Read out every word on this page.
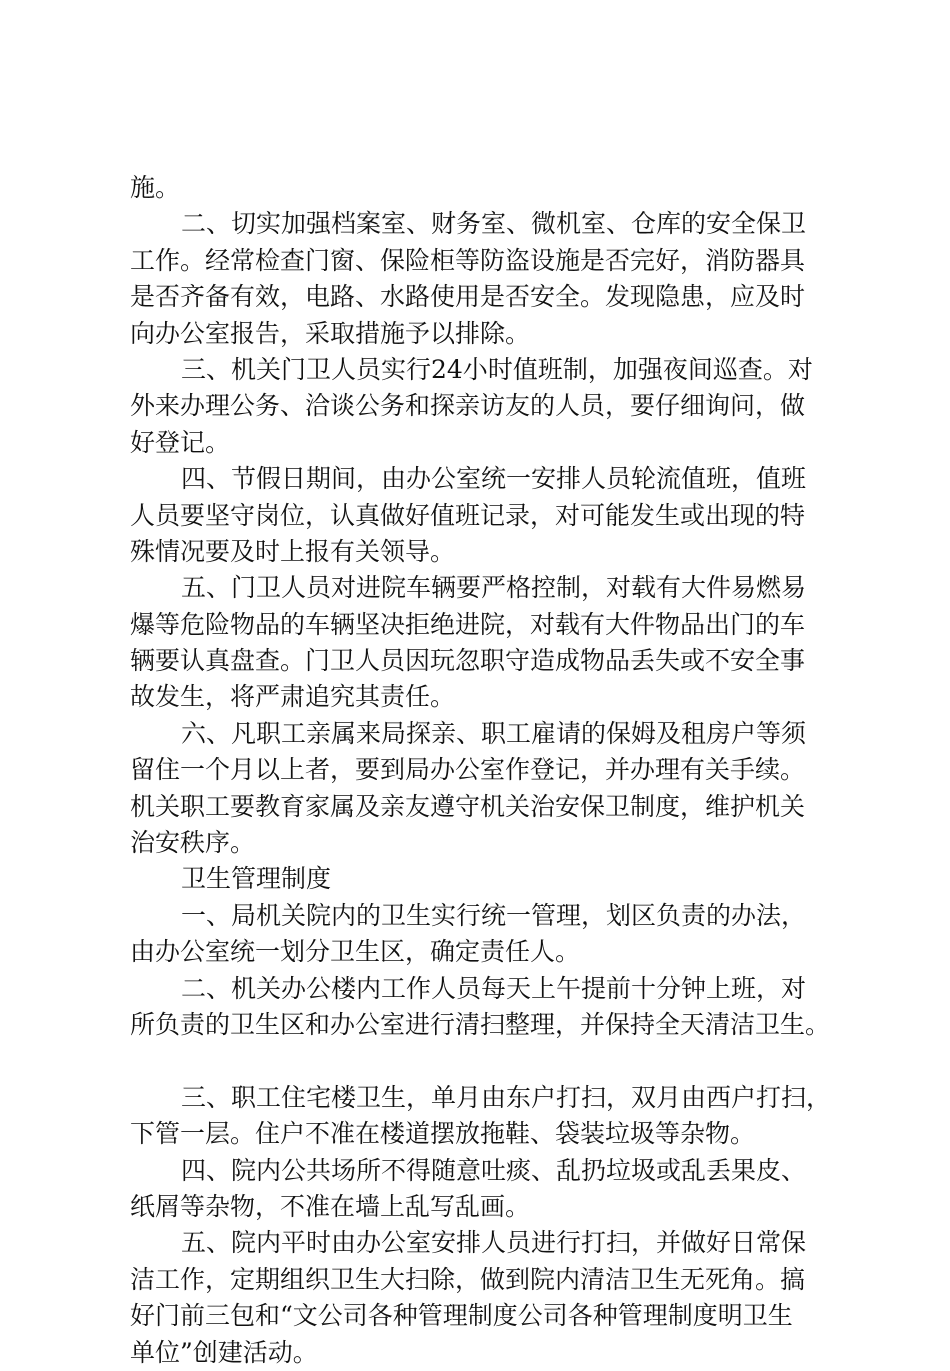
施。
二、切实加强档案室、财务室、微机室、仓库的安全保卫
工作。经常检查门窗、保险柜等防盗设施是否完好，消防器具
是否齐备有效，电路、水路使用是否安全。发现隐患，应及时
向办公室报告，采取措施予以排除。
三、机关门卫人员实行24小时值班制，加强夜间巡查。对
外来办理公务、洽谈公务和探亲访友的人员，要仔细询问，做
好登记。
四、节假日期间，由办公室统一安排人员轮流值班，值班
人员要坚守岗位，认真做好值班记录，对可能发生或出现的特
殊情况要及时上报有关领导。
五、门卫人员对进院车辆要严格控制，对载有大件易燃易
爆等危险物品的车辆坚决拒绝进院，对载有大件物品出门的车
辆要认真盘查。门卫人员因玩忽职守造成物品丢失或不安全事
故发生，将严肃追究其责任。
六、凡职工亲属来局探亲、职工雇请的保姆及租房户等须
留住一个月以上者，要到局办公室作登记，并办理有关手续。
机关职工要教育家属及亲友遵守机关治安保卫制度，维护机关
治安秩序。
卫生管理制度
一、局机关院内的卫生实行统一管理，划区负责的办法，
由办公室统一划分卫生区，确定责任人。
二、机关办公楼内工作人员每天上午提前十分钟上班，对
所负责的卫生区和办公室进行清扫整理，并保持全天清洁卫生。
三、职工住宅楼卫生，单月由东户打扫，双月由西户打扫，
下管一层。住户不准在楼道摆放拖鞋、袋装垃圾等杂物。
四、院内公共场所不得随意吐痰、乱扔垃圾或乱丢果皮、
纸屑等杂物，不准在墙上乱写乱画。
五、院内平时由办公室安排人员进行打扫，并做好日常保
洁工作，定期组织卫生大扫除，做到院内清洁卫生无死角。搞
好门前三包和“文公司各种管理制度公司各种管理制度明卫生
单位”创建活动。
